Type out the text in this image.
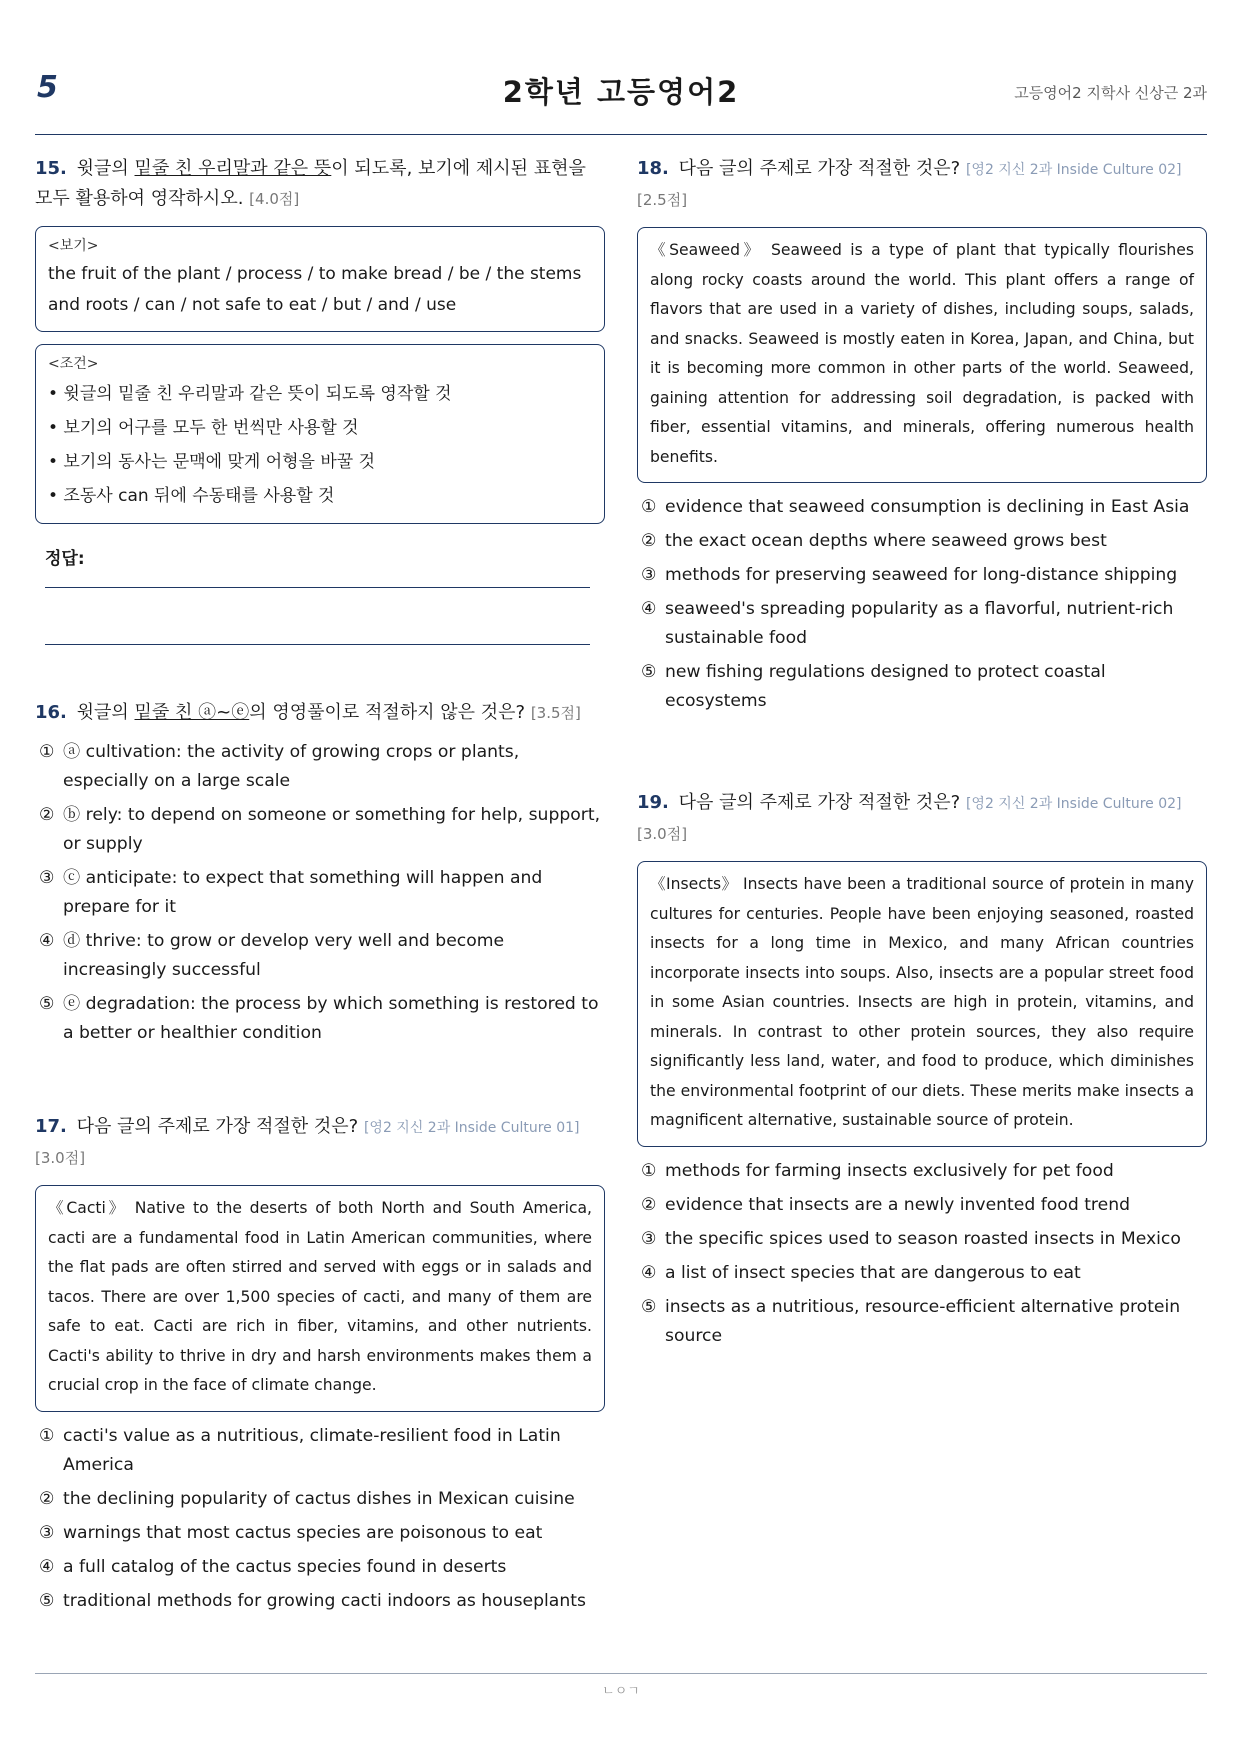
5	2학년 고등영어2	고등영어2 지학사 신상근 2과
15. 윗글의 밑줄 친 우리말과 같은 뜻이 되도록, 보기에 제시된 표현을 모두 활용하여 영작하시오. [4.0점]
<보기>
the fruit of the plant / process / to make bread / be / the stems and roots / can / not safe to eat / but / and / use
<조건>
• 윗글의 밑줄 친 우리말과 같은 뜻이 되도록 영작할 것
• 보기의 어구를 모두 한 번씩만 사용할 것
• 보기의 동사는 문맥에 맞게 어형을 바꿀 것
• 조동사 can 뒤에 수동태를 사용할 것
정답:
16. 윗글의 밑줄 친 ⓐ~ⓔ의 영영풀이로 적절하지 않은 것은? [3.5점]
① ⓐ cultivation: the activity of growing crops or plants, especially on a large scale
② ⓑ rely: to depend on someone or something for help, support, or supply
③ ⓒ anticipate: to expect that something will happen and prepare for it
④ ⓓ thrive: to grow or develop very well and become increasingly successful
⑤ ⓔ degradation: the process by which something is restored to a better or healthier condition
17. 다음 글의 주제로 가장 적절한 것은? [영2 지신 2과 Inside Culture 01] [3.0점]
《Cacti》 Native to the deserts of both North and South America, cacti are a fundamental food in Latin American communities, where the flat pads are often stirred and served with eggs or in salads and tacos. There are over 1,500 species of cacti, and many of them are safe to eat. Cacti are rich in fiber, vitamins, and other nutrients. Cacti's ability to thrive in dry and harsh environments makes them a crucial crop in the face of climate change.
① cacti's value as a nutritious, climate-resilient food in Latin America
② the declining popularity of cactus dishes in Mexican cuisine
③ warnings that most cactus species are poisonous to eat
④ a full catalog of the cactus species found in deserts
⑤ traditional methods for growing cacti indoors as houseplants
18. 다음 글의 주제로 가장 적절한 것은? [영2 지신 2과 Inside Culture 02] [2.5점]
《Seaweed》 Seaweed is a type of plant that typically flourishes along rocky coasts around the world. This plant offers a range of flavors that are used in a variety of dishes, including soups, salads, and snacks. Seaweed is mostly eaten in Korea, Japan, and China, but it is becoming more common in other parts of the world. Seaweed, gaining attention for addressing soil degradation, is packed with fiber, essential vitamins, and minerals, offering numerous health benefits.
① evidence that seaweed consumption is declining in East Asia
② the exact ocean depths where seaweed grows best
③ methods for preserving seaweed for long-distance shipping
④ seaweed's spreading popularity as a flavorful, nutrient-rich sustainable food
⑤ new fishing regulations designed to protect coastal ecosystems
19. 다음 글의 주제로 가장 적절한 것은? [영2 지신 2과 Inside Culture 02] [3.0점]
《Insects》 Insects have been a traditional source of protein in many cultures for centuries. People have been enjoying seasoned, roasted insects for a long time in Mexico, and many African countries incorporate insects into soups. Also, insects are a popular street food in some Asian countries. Insects are high in protein, vitamins, and minerals. In contrast to other protein sources, they also require significantly less land, water, and food to produce, which diminishes the environmental footprint of our diets. These merits make insects a magnificent alternative, sustainable source of protein.
① methods for farming insects exclusively for pet food
② evidence that insects are a newly invented food trend
③ the specific spices used to season roasted insects in Mexico
④ a list of insect species that are dangerous to eat
⑤ insects as a nutritious, resource-efficient alternative protein source
ㄴㅇㄱ
